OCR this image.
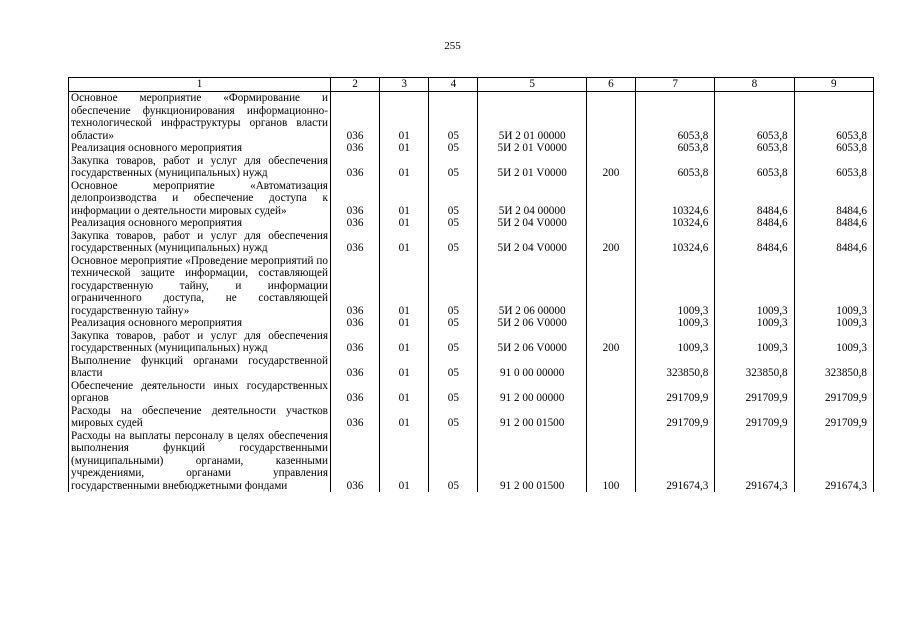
255
1	2	3	4	5	6	7	8	9
Основное мероприятие «Формирование и обеспечение функционирования информационно-технологической инфраструктуры органов власти области»	036	01	05	5И 2 01 00000		6053,8	6053,8	6053,8
Реализация основного мероприятия	036	01	05	5И 2 01 V0000		6053,8	6053,8	6053,8
Закупка товаров, работ и услуг для обеспечения государственных (муниципальных) нужд	036	01	05	5И 2 01 V0000	200	6053,8	6053,8	6053,8
Основное мероприятие «Автоматизация делопроизводства и обеспечение доступа к информации о деятельности мировых судей»	036	01	05	5И 2 04 00000		10324,6	8484,6	8484,6
Реализация основного мероприятия	036	01	05	5И 2 04 V0000		10324,6	8484,6	8484,6
Закупка товаров, работ и услуг для обеспечения государственных (муниципальных) нужд	036	01	05	5И 2 04 V0000	200	10324,6	8484,6	8484,6
Основное мероприятие «Проведение мероприятий по технической защите информации, составляющей государственную тайну, и информации ограниченного доступа, не составляющей государственную тайну»	036	01	05	5И 2 06 00000		1009,3	1009,3	1009,3
Реализация основного мероприятия	036	01	05	5И 2 06 V0000		1009,3	1009,3	1009,3
Закупка товаров, работ и услуг для обеспечения государственных (муниципальных) нужд	036	01	05	5И 2 06 V0000	200	1009,3	1009,3	1009,3
Выполнение функций органами государственной власти	036	01	05	91 0 00 00000		323850,8	323850,8	323850,8
Обеспечение деятельности иных государственных органов	036	01	05	91 2 00 00000		291709,9	291709,9	291709,9
Расходы на обеспечение деятельности участков мировых судей	036	01	05	91 2 00 01500		291709,9	291709,9	291709,9
Расходы на выплаты персоналу в целях обеспечения выполнения функций государственными (муниципальными) органами, казенными учреждениями, органами управления государственными внебюджетными фондами	036	01	05	91 2 00 01500	100	291674,3	291674,3	291674,3
